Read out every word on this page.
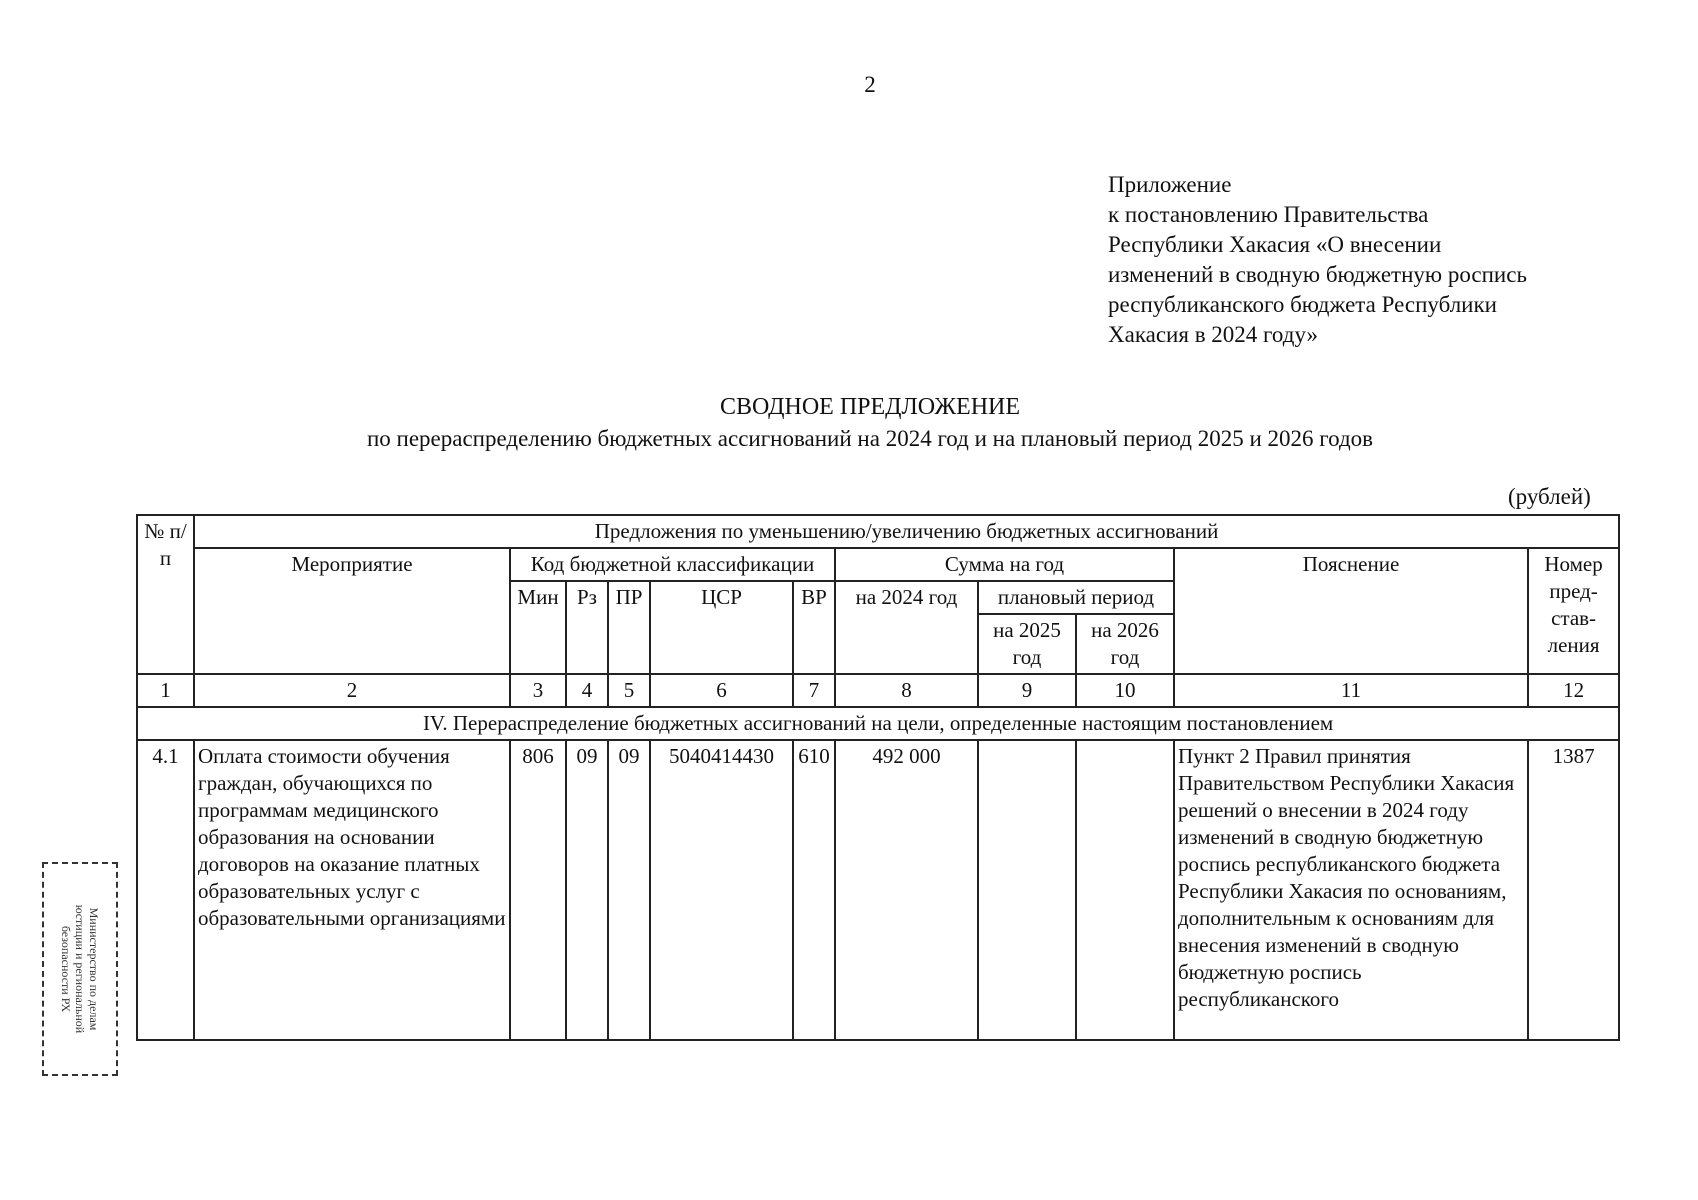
2
Приложение
к постановлению Правительства
Республики Хакасия «О внесении
изменений в сводную бюджетную роспись
республиканского бюджета Республики
Хакасия в 2024 году»
СВОДНОЕ ПРЕДЛОЖЕНИЕ
по перераспределению бюджетных ассигнований на 2024 год и на плановый период 2025 и 2026 годов
(рублей)
№ п/п	Предложения по уменьшению/увеличению бюджетных ассигнований										
	Мероприятие	Код бюджетной классификации					Сумма на год			Пояснение	Номер пред-став-ления
		Мин	Рз	ПР	ЦСР	ВР	на 2024 год	плановый период			
								на 2025 год	на 2026 год		
1	2	3	4	5	6	7	8	9	10	11	12
IV. Перераспределение бюджетных ассигнований на цели, определенные настоящим постановлением											
4.1	Оплата стоимости обучения граждан, обучающихся по программам медицинского образования на основании договоров на оказание платных образовательных услуг с образовательными организациями	806	09	09	5040414430	610	492 000			Пункт 2 Правил принятия Правительством Республики Хакасия решений о внесении в 2024 году изменений в сводную бюджетную роспись республиканского бюджета Республики Хакасия по основаниям, дополнительным к основаниям для внесения изменений в сводную бюджетную роспись республиканского	1387
Министерство по делам
юстиции и региональной
безопасности РХ
